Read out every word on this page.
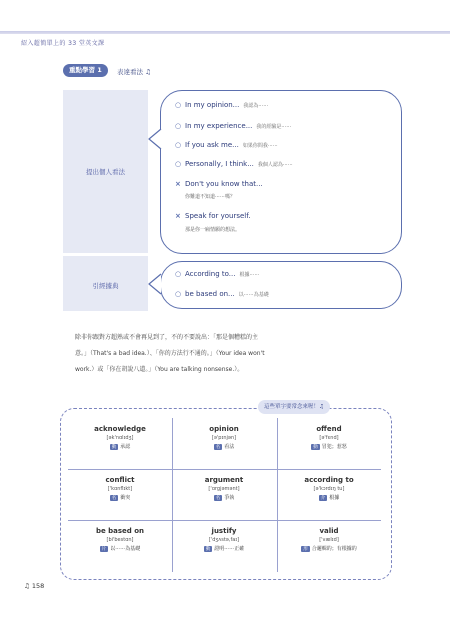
紹入超簡單上的 33 堂英文課
重點學習 1	表達看法 ♫
提出個人看法
引經據典
○ In my opinion... 我認為⋯⋯
○ In my experience... 我的經驗是⋯⋯
○ If you ask me... 如果你問我⋯⋯
○ Personally, I think... 我個人認為⋯⋯
× Don't you know that...
你難道不知道⋯⋯嗎？
× Speak for yourself.
那是你一廂情願的想法。
○ According to... 根據⋯⋯
○ be based on... 以⋯⋯為基礎
除非你跟對方超熟或不會再見到了，不的不要說出：「那是個糟糕的主
意。」（That's a bad idea.）、「你的方法行不通的。」（Your idea won't
work.）或「你在胡說八道。」（You are talking nonsense.）。
這些單字要常念來喔！♫
acknowledge
[ək'nɑlɪdʒ]
動 承認
opinion
[ə'pɪnjən]
名 看法
offend
[ə'fɛnd]
動 冒犯；惹怒
conflict
['kɑnflɪkt]
名 衝突
argument
['ɑrgjəmənt]
名 爭執
according to
[ə'kɔrdɪŋ tu]
介 根據
be based on
[bi'bestɑn]
片 以⋯⋯為基礎
justify
['dʒʌstə,faɪ]
動 證明⋯⋯正確
valid
['vælɪd]
形 合邏輯的；有根據的
♫ 158
